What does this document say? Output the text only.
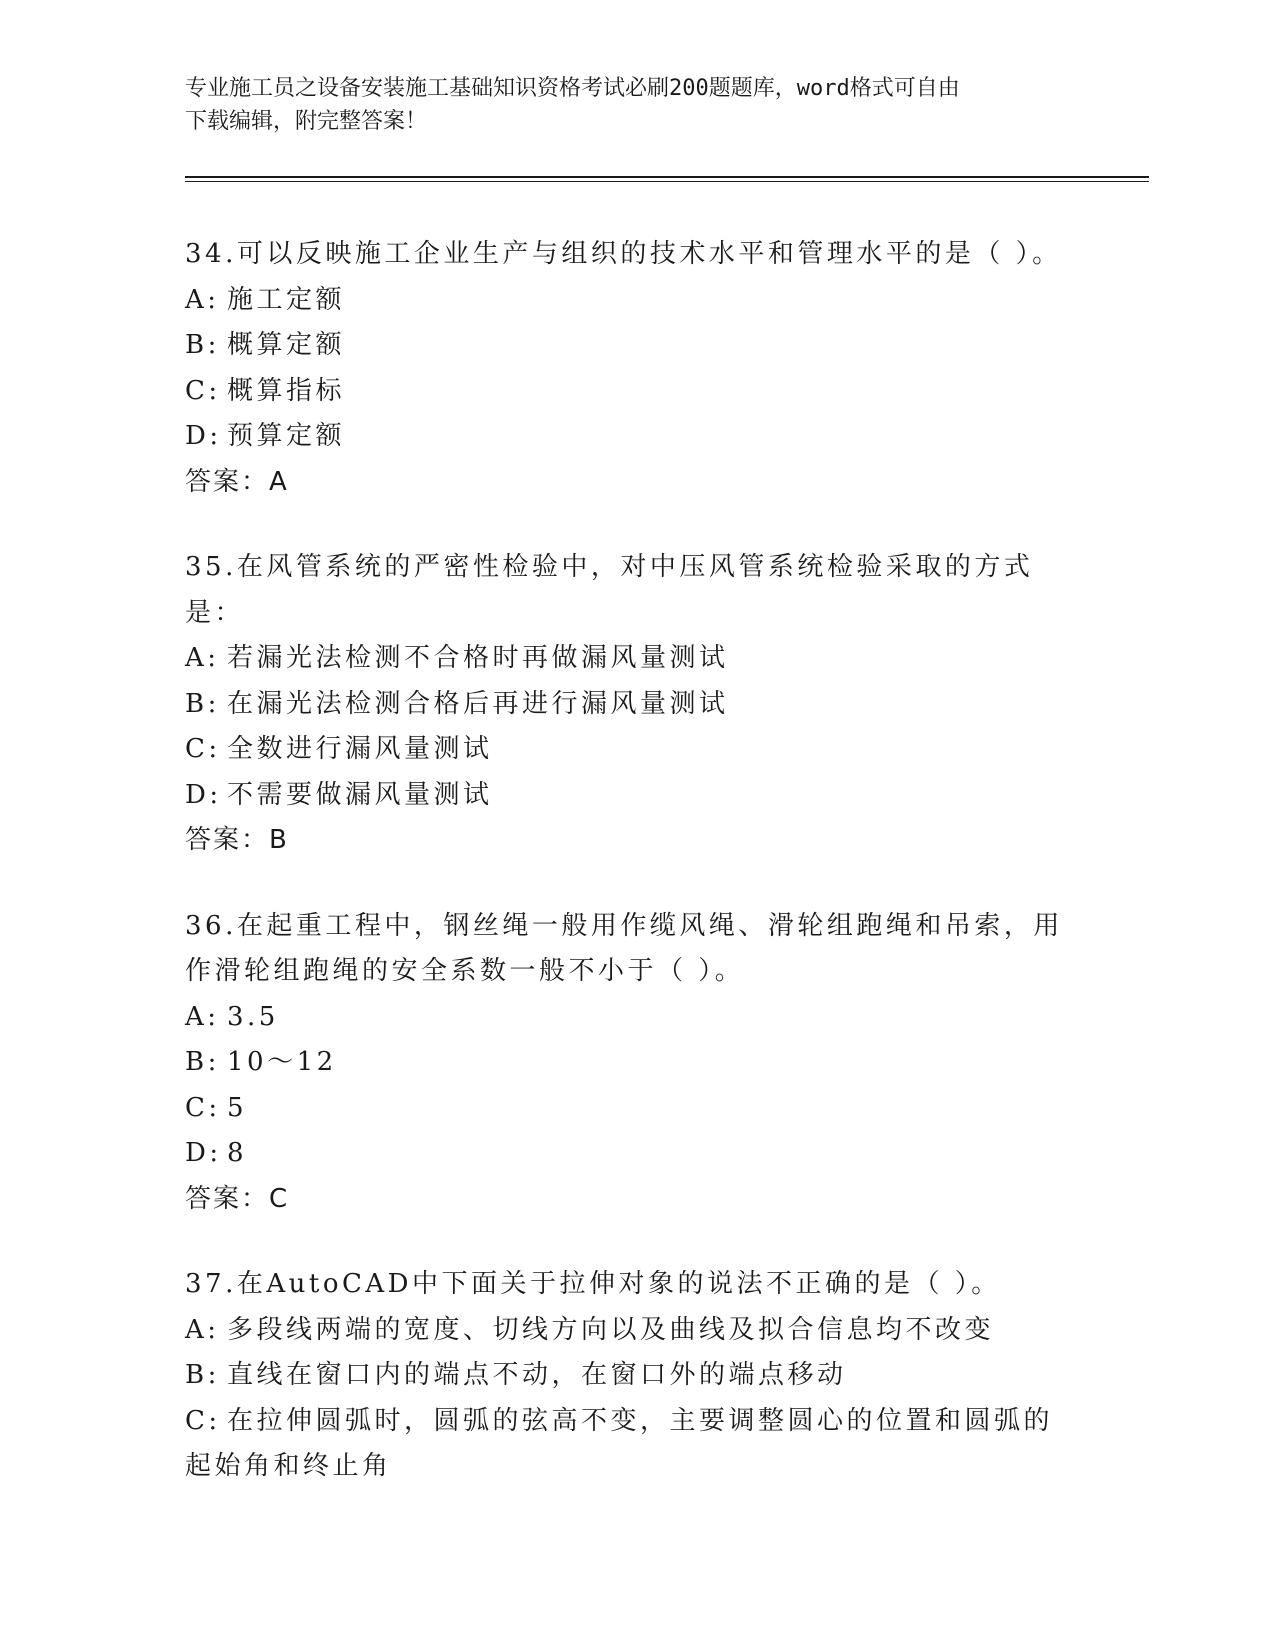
专业施工员之设备安装施工基础知识资格考试必刷200题题库，word格式可自由
下载编辑，附完整答案！
34.可以反映施工企业生产与组织的技术水平和管理水平的是（ ）。
A: 施工定额
B: 概算定额
C: 概算指标
D: 预算定额
答案：A
35.在风管系统的严密性检验中，对中压风管系统检验采取的方式是：
A: 若漏光法检测不合格时再做漏风量测试
B: 在漏光法检测合格后再进行漏风量测试
C: 全数进行漏风量测试
D: 不需要做漏风量测试
答案：B
36.在起重工程中，钢丝绳一般用作缆风绳、滑轮组跑绳和吊索，用作滑轮组跑绳的安全系数一般不小于（ ）。
A: 3.5
B: 10～12
C: 5
D: 8
答案：C
37.在AutoCAD中下面关于拉伸对象的说法不正确的是（ ）。
A: 多段线两端的宽度、切线方向以及曲线及拟合信息均不改变
B: 直线在窗口内的端点不动，在窗口外的端点移动
C: 在拉伸圆弧时，圆弧的弦高不变，主要调整圆心的位置和圆弧的起始角和终止角
